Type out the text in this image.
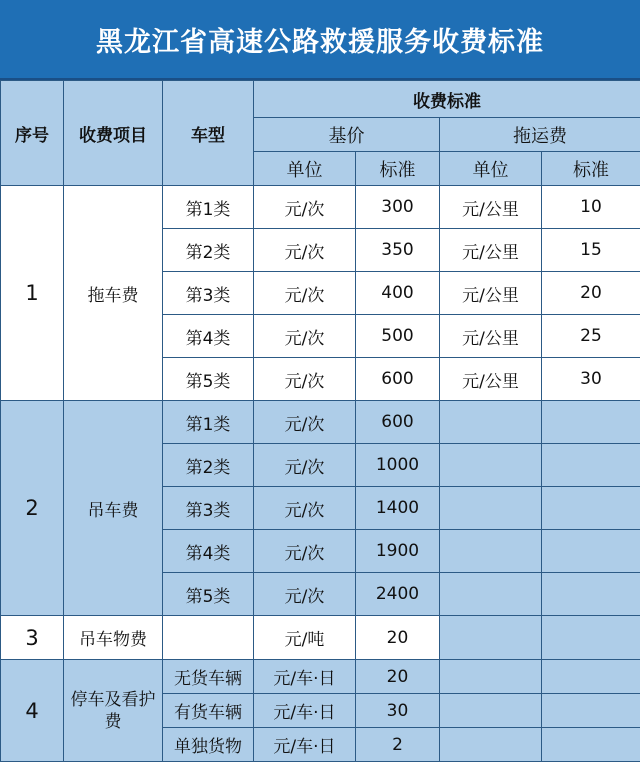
黑龙江省高速公路救援服务收费标准
序号	收费项目	车型	收费标准			
			基价		拖运费	
			单位	标准	单位	标准
1	拖车费	第1类	元/次	300	元/公里	10
		第2类	元/次	350	元/公里	15
		第3类	元/次	400	元/公里	20
		第4类	元/次	500	元/公里	25
		第5类	元/次	600	元/公里	30
2	吊车费	第1类	元/次	600		
		第2类	元/次	1000		
		第3类	元/次	1400		
		第4类	元/次	1900		
		第5类	元/次	2400		
3	吊车物费		元/吨	20		
4	停车及看护费	无货车辆	元/车·日	20		
		有货车辆	元/车·日	30		
		单独货物	元/车·日	2		
